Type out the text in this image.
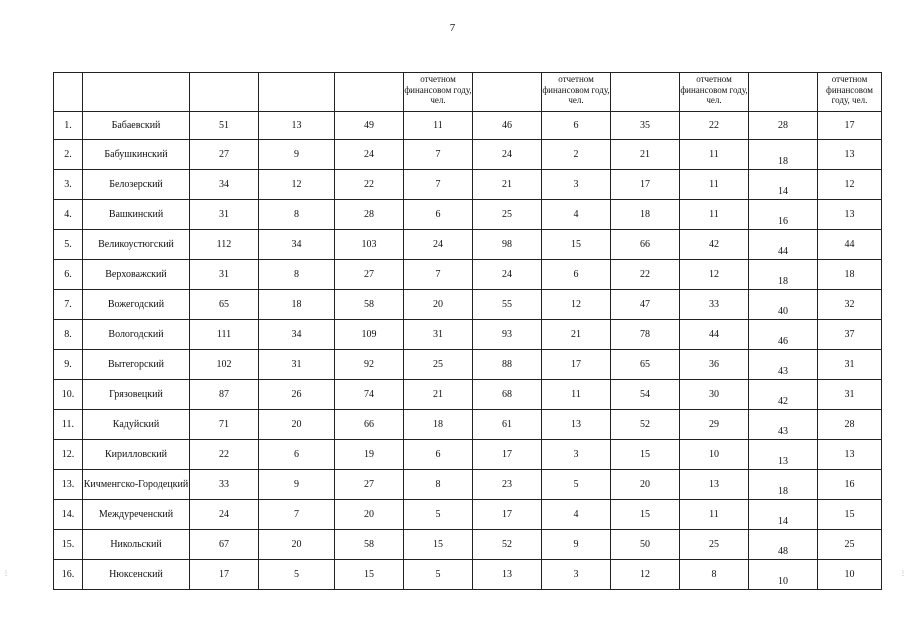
7
					отчетном финансовом году, чел.		отчетном финансовом году, чел.		отчетном финансовом году, чел.		отчетном финансовом году, чел.
1.	Бабаевский	51	13	49	11	46	6	35	22	28	17
2.	Бабушкинский	27	9	24	7	24	2	21	11	18	13
3.	Белозерский	34	12	22	7	21	3	17	11	14	12
4.	Вашкинский	31	8	28	6	25	4	18	11	16	13
5.	Великоустюгский	112	34	103	24	98	15	66	42	44	44
6.	Верховажский	31	8	27	7	24	6	22	12	18	18
7.	Вожегодский	65	18	58	20	55	12	47	33	40	32
8.	Вологодский	111	34	109	31	93	21	78	44	46	37
9.	Вытегорский	102	31	92	25	88	17	65	36	43	31
10.	Грязовецкий	87	26	74	21	68	11	54	30	42	31
11.	Кадуйский	71	20	66	18	61	13	52	29	43	28
12.	Кирилловский	22	6	19	6	17	3	15	10	13	13
13.	Кичменгско-Городецкий	33	9	27	8	23	5	20	13	18	16
14.	Междуреченский	24	7	20	5	17	4	15	11	14	15
15.	Никольский	67	20	58	15	52	9	50	25	48	25
16.	Нюксенский	17	5	15	5	13	3	12	8	10	10
⋮	⋮
